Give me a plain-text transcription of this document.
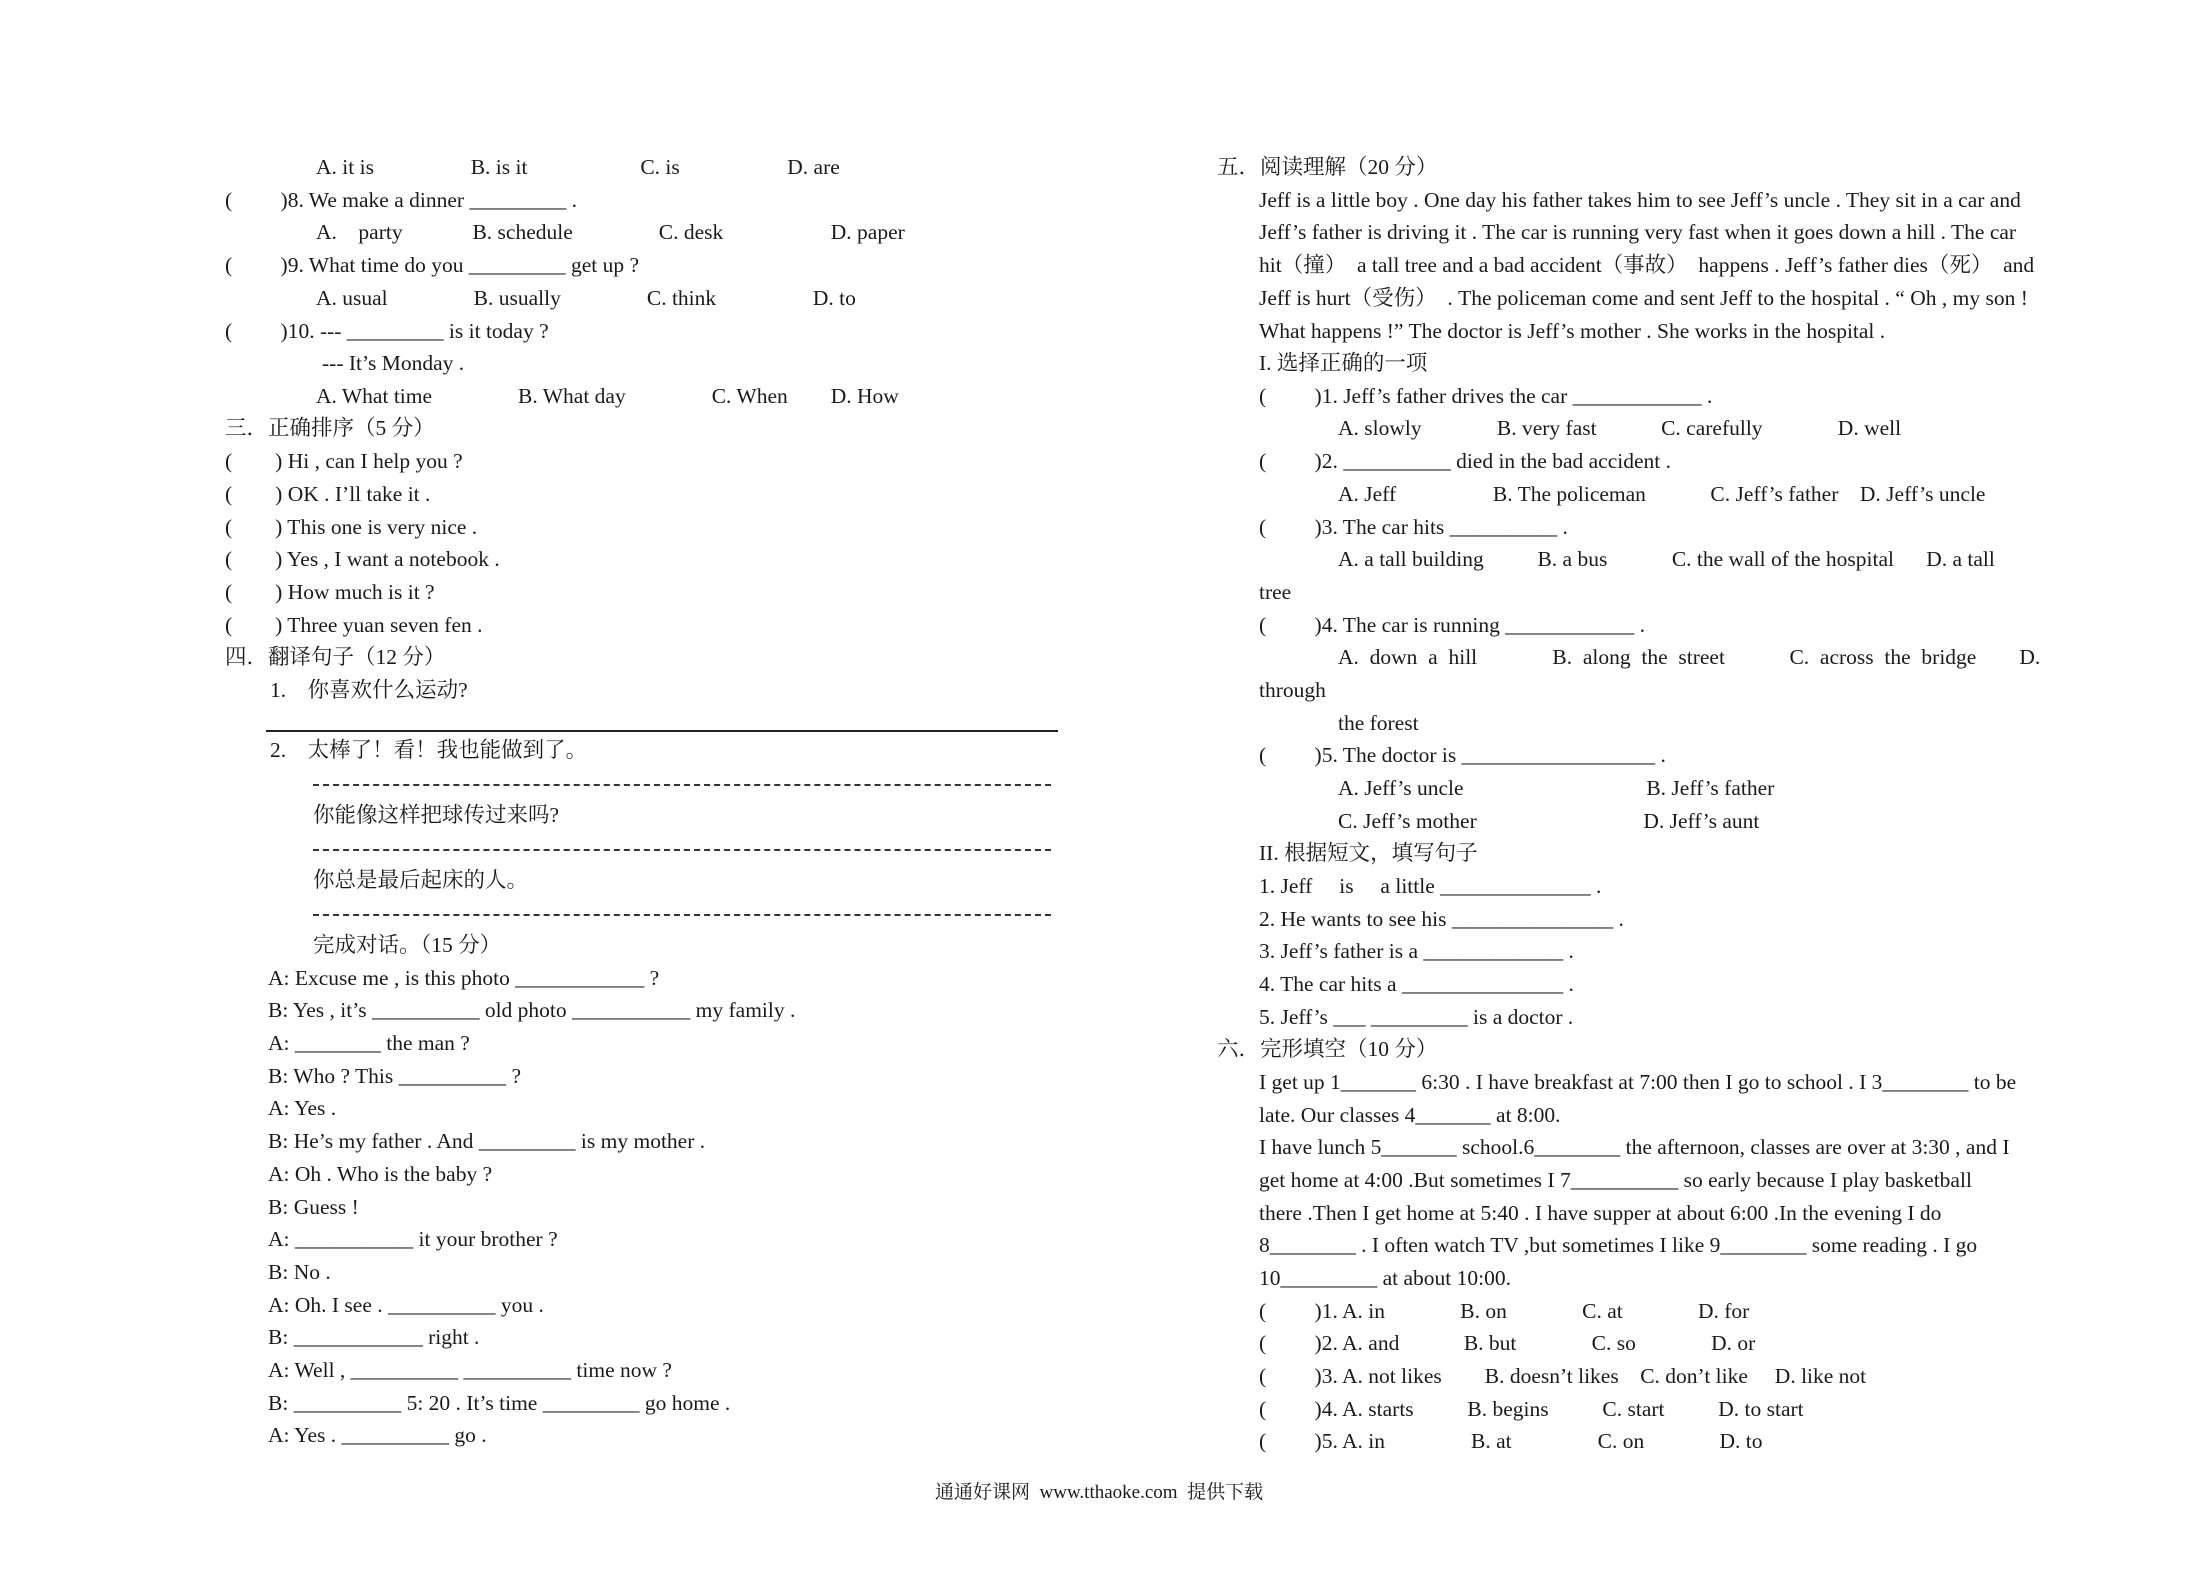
A. it is                  B. is it                     C. is                    D. are
(         )8. We make a dinner _________ .
A.    party             B. schedule                C. desk                    D. paper
(         )9. What time do you _________ get up ?
A. usual                B. usually                C. think                  D. to
(         )10. --- _________ is it today ?
--- It’s Monday .
A. What time                B. What day                C. When        D. How
三．正确排序（5 分）
(        ) Hi , can I help you ?
(        ) OK . I’ll take it .
(        ) This one is very nice .
(        ) Yes , I want a notebook .
(        ) How much is it ?
(        ) Three yuan seven fen .
四．翻译句子（12 分）
1.    你喜欢什么运动?
2.    太棒了！看！我也能做到了。
你能像这样把球传过来吗?
你总是最后起床的人。
完成对话。（15 分）
A: Excuse me , is this photo ____________ ?
B: Yes , it’s __________ old photo ___________ my family .
A: ________ the man ?
B: Who ? This __________ ?
A: Yes .
B: He’s my father . And _________ is my mother .
A: Oh . Who is the baby ?
B: Guess !
A: ___________ it your brother ?
B: No .
A: Oh. I see . __________ you .
B: ____________ right .
A: Well , __________ __________ time now ?
B: __________ 5: 20 . It’s time _________ go home .
A: Yes . __________ go .
五．阅读理解（20 分）
Jeff is a little boy . One day his father takes him to see Jeff’s uncle . They sit in a car and
Jeff’s father is driving it . The car is running very fast when it goes down a hill . The car
hit（撞）  a tall tree and a bad accident（事故）  happens . Jeff’s father dies（死）  and
Jeff is hurt（受伤）  . The policeman come and sent Jeff to the hospital . “ Oh , my son !
What happens !” The doctor is Jeff’s mother . She works in the hospital .
I. 选择正确的一项
(         )1. Jeff’s father drives the car ____________ .
A. slowly              B. very fast            C. carefully              D. well
(         )2. __________ died in the bad accident .
A. Jeff                  B. The policeman            C. Jeff’s father    D. Jeff’s uncle
(         )3. The car hits __________ .
A. a tall building          B. a bus            C. the wall of the hospital      D. a tall
tree
(         )4. The car is running ____________ .
A.  down  a  hill              B.  along  the  street            C.  across  the  bridge        D.
through
the forest
(         )5. The doctor is __________________ .
A. Jeff’s uncle                                  B. Jeff’s father
C. Jeff’s mother                               D. Jeff’s aunt
II. 根据短文，填写句子
1. Jeff     is     a little ______________ .
2. He wants to see his _______________ .
3. Jeff’s father is a _____________ .
4. The car hits a _______________ .
5. Jeff’s ___ _________ is a doctor .
六．完形填空（10 分）
I get up 1_______ 6:30 . I have breakfast at 7:00 then I go to school . I 3________ to be
late. Our classes 4_______ at 8:00.
I have lunch 5_______ school.6________ the afternoon, classes are over at 3:30 , and I
get home at 4:00 .But sometimes I 7__________ so early because I play basketball
there .Then I get home at 5:40 . I have supper at about 6:00 .In the evening I do
8________ . I often watch TV ,but sometimes I like 9________ some reading . I go
10_________ at about 10:00.
(         )1. A. in              B. on              C. at              D. for
(         )2. A. and            B. but              C. so              D. or
(         )3. A. not likes        B. doesn’t likes    C. don’t like     D. like not
(         )4. A. starts          B. begins          C. start          D. to start
(         )5. A. in                B. at                C. on              D. to
通通好课网  www.tthaoke.com  提供下载
